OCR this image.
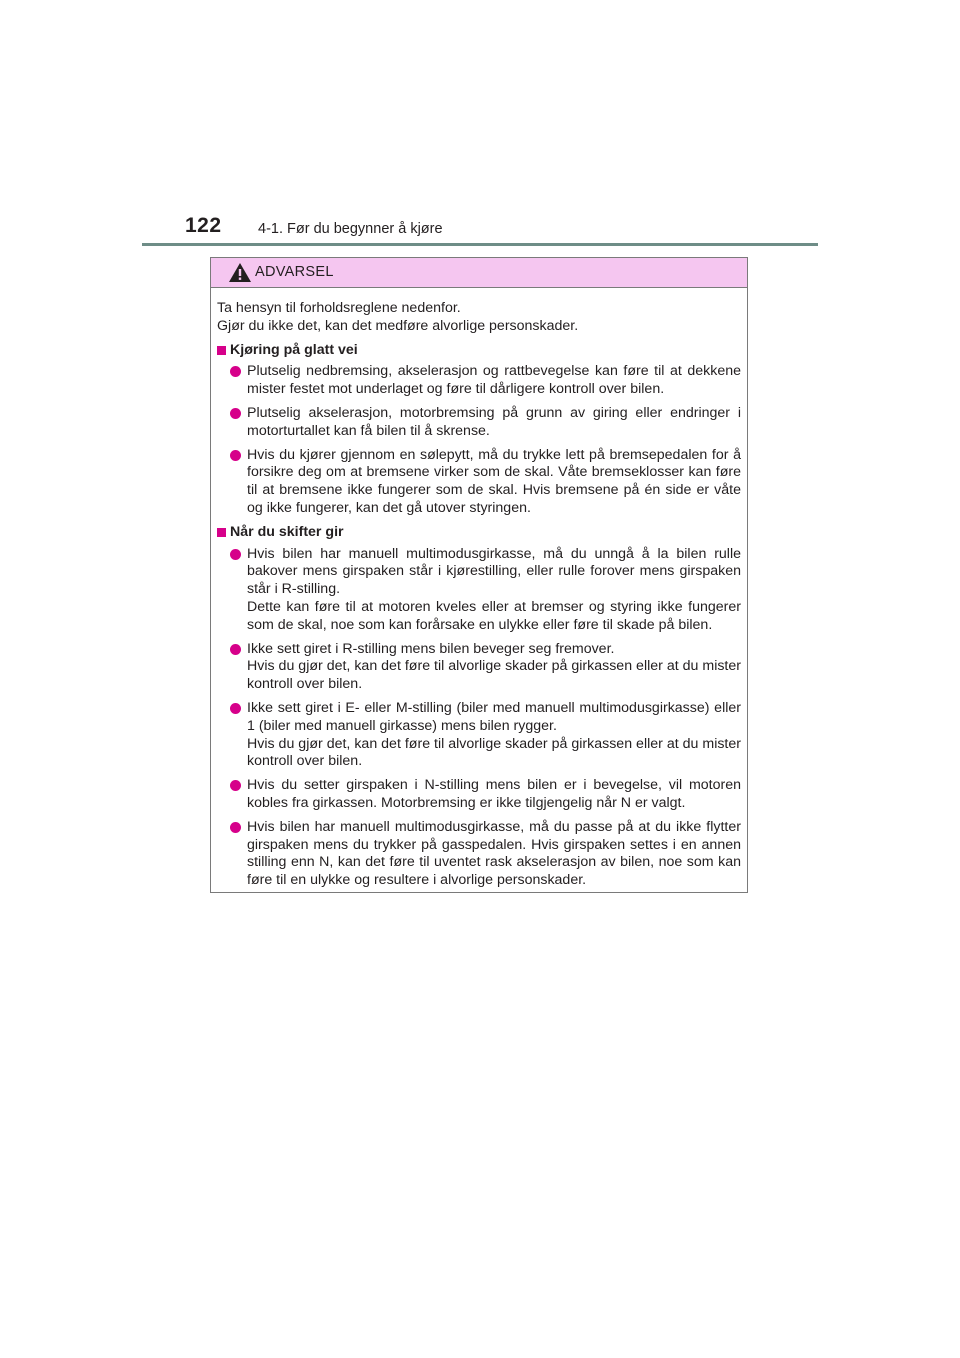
122	4-1. Før du begynner å kjøre
ADVARSEL
Ta hensyn til forholdsreglene nedenfor.
Gjør du ikke det, kan det medføre alvorlige personskader.
Kjøring på glatt vei

Plutselig nedbremsing, akselerasjon og rattbevegelse kan føre til at dekkene mister festet mot underlaget og føre til dårligere kontroll over bilen.

Plutselig akselerasjon, motorbremsing på grunn av giring eller endringer i motorturtallet kan få bilen til å skrense.

Hvis du kjører gjennom en sølepytt, må du trykke lett på bremsepedalen for å forsikre deg om at bremsene virker som de skal. Våte bremseklosser kan føre til at bremsene ikke fungerer som de skal. Hvis bremsene på én side er våte og ikke fungerer, kan det gå utover styringen.

Når du skifter gir

Hvis bilen har manuell multimodusgirkasse, må du unngå å la bilen rulle bakover mens girspaken står i kjørestilling, eller rulle forover mens girspaken står i R-stilling.

Dette kan føre til at motoren kveles eller at bremser og styring ikke fungerer som de skal, noe som kan forårsake en ulykke eller føre til skade på bilen.

Ikke sett giret i R-stilling mens bilen beveger seg fremover.

Hvis du gjør det, kan det føre til alvorlige skader på girkassen eller at du mister kontroll over bilen.

Ikke sett giret i E- eller M-stilling (biler med manuell multimodusgirkasse) eller 1 (biler med manuell girkasse) mens bilen rygger.

Hvis du gjør det, kan det føre til alvorlige skader på girkassen eller at du mister kontroll over bilen.

Hvis du setter girspaken i N-stilling mens bilen er i bevegelse, vil motoren kobles fra girkassen. Motorbremsing er ikke tilgjengelig når N er valgt.

Hvis bilen har manuell multimodusgirkasse, må du passe på at du ikke flytter girspaken mens du trykker på gasspedalen. Hvis girspaken settes i en annen stilling enn N, kan det føre til uventet rask akselerasjon av bilen, noe som kan føre til en ulykke og resultere i alvorlige personskader.
